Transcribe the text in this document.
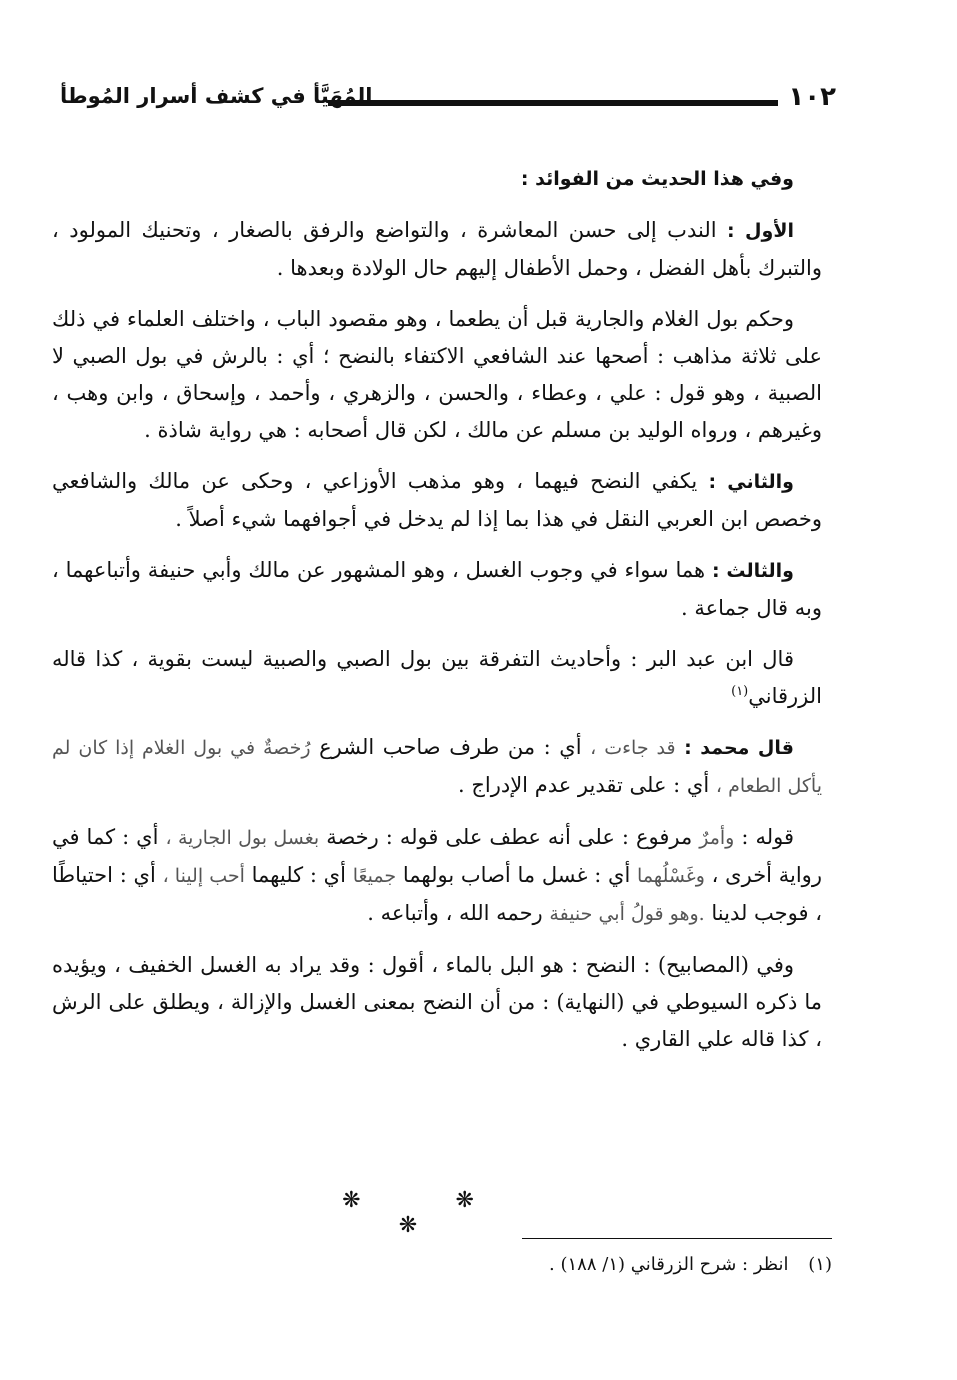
١٠٢
المُهَيَّأ في كشف أسرار المُوطأ

وفي هذا الحديث من الفوائد :

الأول : الندب إلى حسن المعاشرة ، والتواضع والرفق بالصغار ، وتحنيك المولود ، والتبرك بأهل الفضل ، وحمل الأطفال إليهم حال الولادة وبعدها .

وحكم بول الغلام والجارية قبل أن يطعما ، وهو مقصود الباب ، واختلف العلماء في ذلك على ثلاثة مذاهب : أصحها عند الشافعي الاكتفاء بالنضح ؛ أي : بالرش في بول الصبي لا الصبية ، وهو قول : علي ، وعطاء ، والحسن ، والزهري ، وأحمد ، وإسحاق ، وابن وهب ، وغيرهم ، ورواه الوليد بن مسلم عن مالك ، لكن قال أصحابه : هي رواية شاذة .

والثاني : يكفي النضح فيهما ، وهو مذهب الأوزاعي ، وحكى عن مالك والشافعي وخصص ابن العربي النقل في هذا بما إذا لم يدخل في أجوافهما شيء أصلاً .

والثالث : هما سواء في وجوب الغسل ، وهو المشهور عن مالك وأبي حنيفة وأتباعهما ، وبه قال جماعة .

قال ابن عبد البر : وأحاديث التفرقة بين بول الصبي والصبية ليست بقوية ، كذا قاله الزرقاني$^{(١)}$

قال محمد : قد جاءت ، أي : من طرف صاحب الشرع رُخصةٌ في بول الغلام إذا كان لم يأكل الطعام ، أي : على تقدير عدم الإدراج .

قوله : وأمرٌ مرفوع : على أنه عطف على قوله : رخصة بغسل بول الجارية ، أي : كما في رواية أخرى ، وغَسْلُهما أي : غسل ما أصاب بولهما جميعًا أي : كليهما أحب إلينا ، أي : احتياطًا ، فوجب لدينا .وهو قولُ أبي حنيفة رحمه الله ، وأتباعه .

وفي (المصابيح) : النضح : هو البل بالماء ، أقول : وقد يراد به الغسل الخفيف ، ويؤيده ما ذكره السيوطي في (النهاية) : من أن النضح بمعنى الغسل والإزالة ، ويطلق على الرش ، كذا قاله علي القاري .

❋ ❋ ❋
(١) انظر : شرح الزرقاني (١/ ١٨٨) .
